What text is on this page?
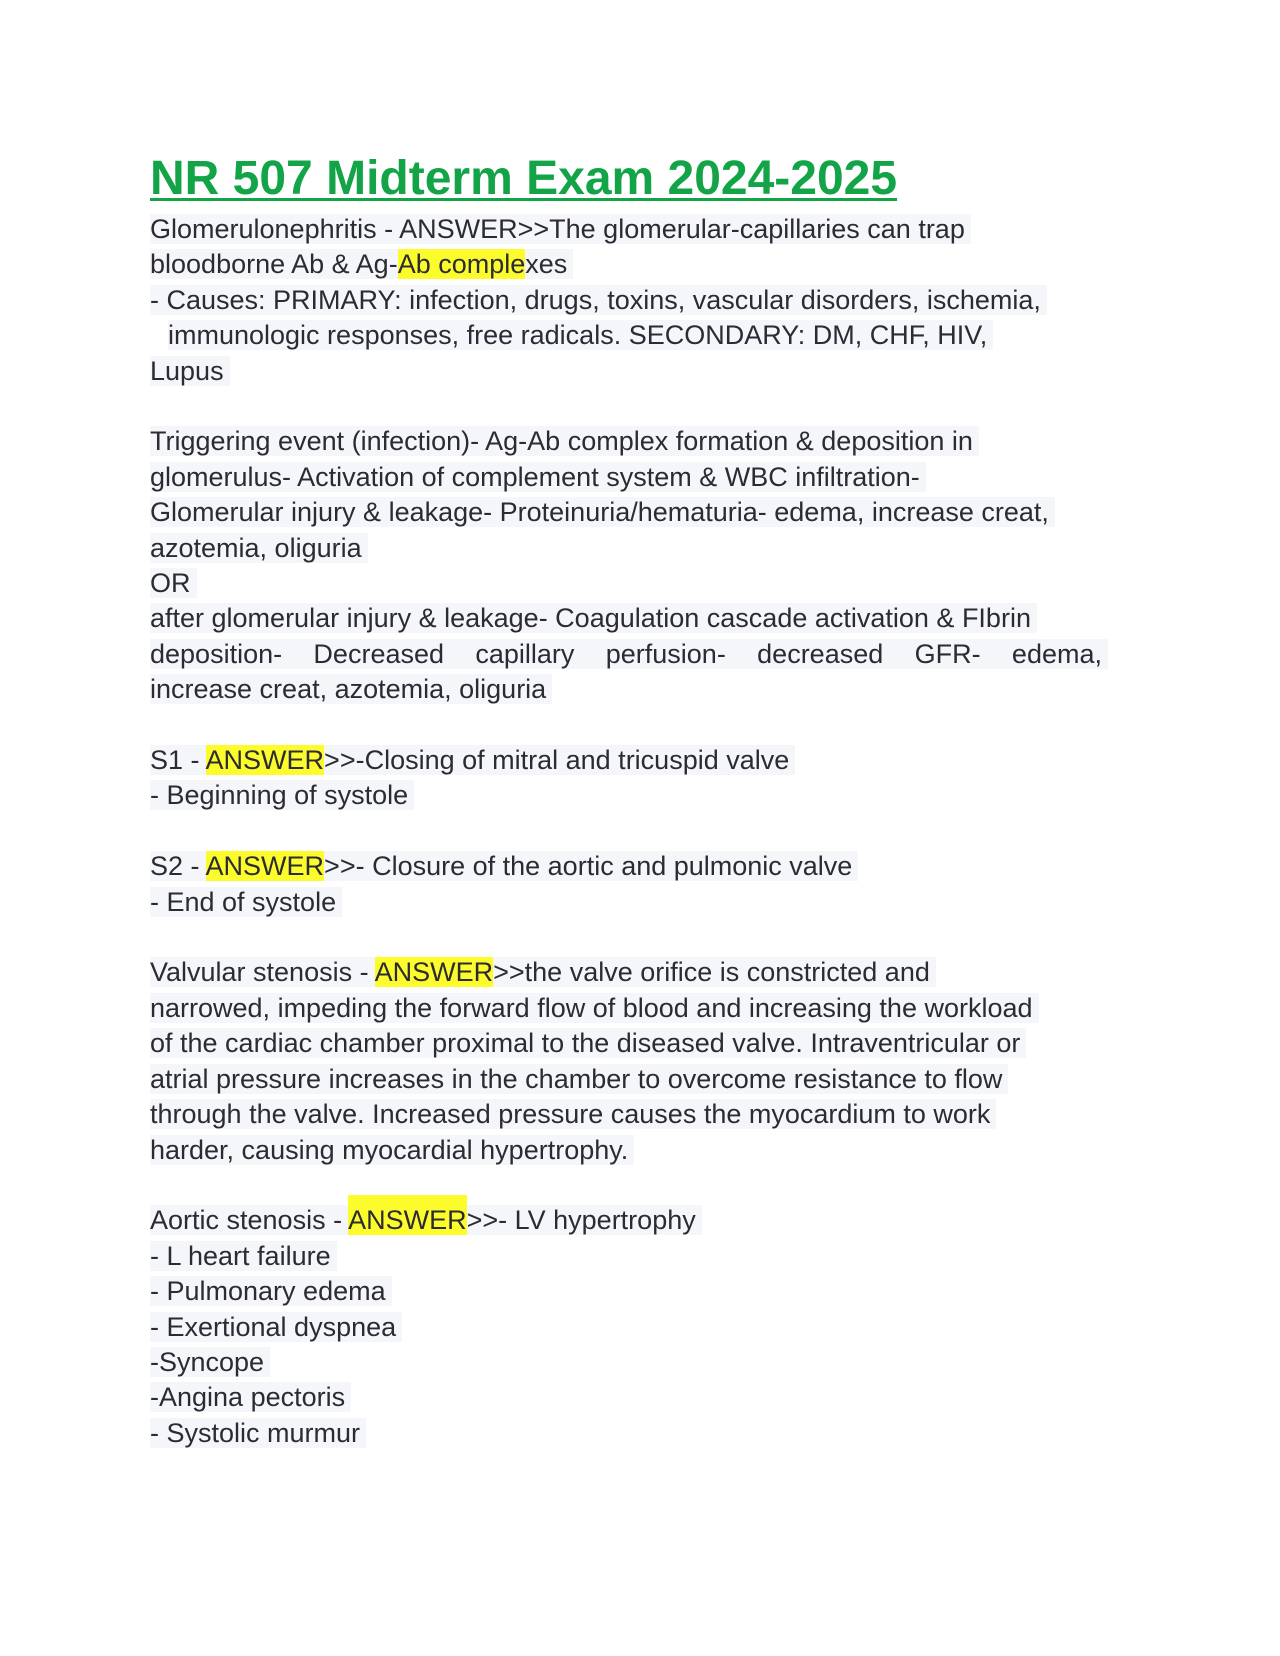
NR 507 Midterm Exam 2024-2025
Glomerulonephritis - ANSWER>>The glomerular-capillaries can trap
bloodborne Ab & Ag-Ab complexes
- Causes: PRIMARY: infection, drugs, toxins, vascular disorders, ischemia,
immunologic responses, free radicals. SECONDARY: DM, CHF, HIV,
Lupus
Triggering event (infection)- Ag-Ab complex formation & deposition in
glomerulus- Activation of complement system & WBC infiltration-
Glomerular injury & leakage- Proteinuria/hematuria- edema, increase creat,
azotemia, oliguria
OR
after glomerular injury & leakage- Coagulation cascade activation & FIbrin
deposition- Decreased capillary perfusion- decreased GFR- edema,
increase creat, azotemia, oliguria
S1 - ANSWER>>-Closing of mitral and tricuspid valve
- Beginning of systole
S2 - ANSWER>>- Closure of the aortic and pulmonic valve
- End of systole
Valvular stenosis - ANSWER>>the valve orifice is constricted and
narrowed, impeding the forward flow of blood and increasing the workload
of the cardiac chamber proximal to the diseased valve. Intraventricular or
atrial pressure increases in the chamber to overcome resistance to flow
through the valve. Increased pressure causes the myocardium to work
harder, causing myocardial hypertrophy.
Aortic stenosis - ANSWER>>- LV hypertrophy
- L heart failure
- Pulmonary edema
- Exertional dyspnea
-Syncope
-Angina pectoris
- Systolic murmur
